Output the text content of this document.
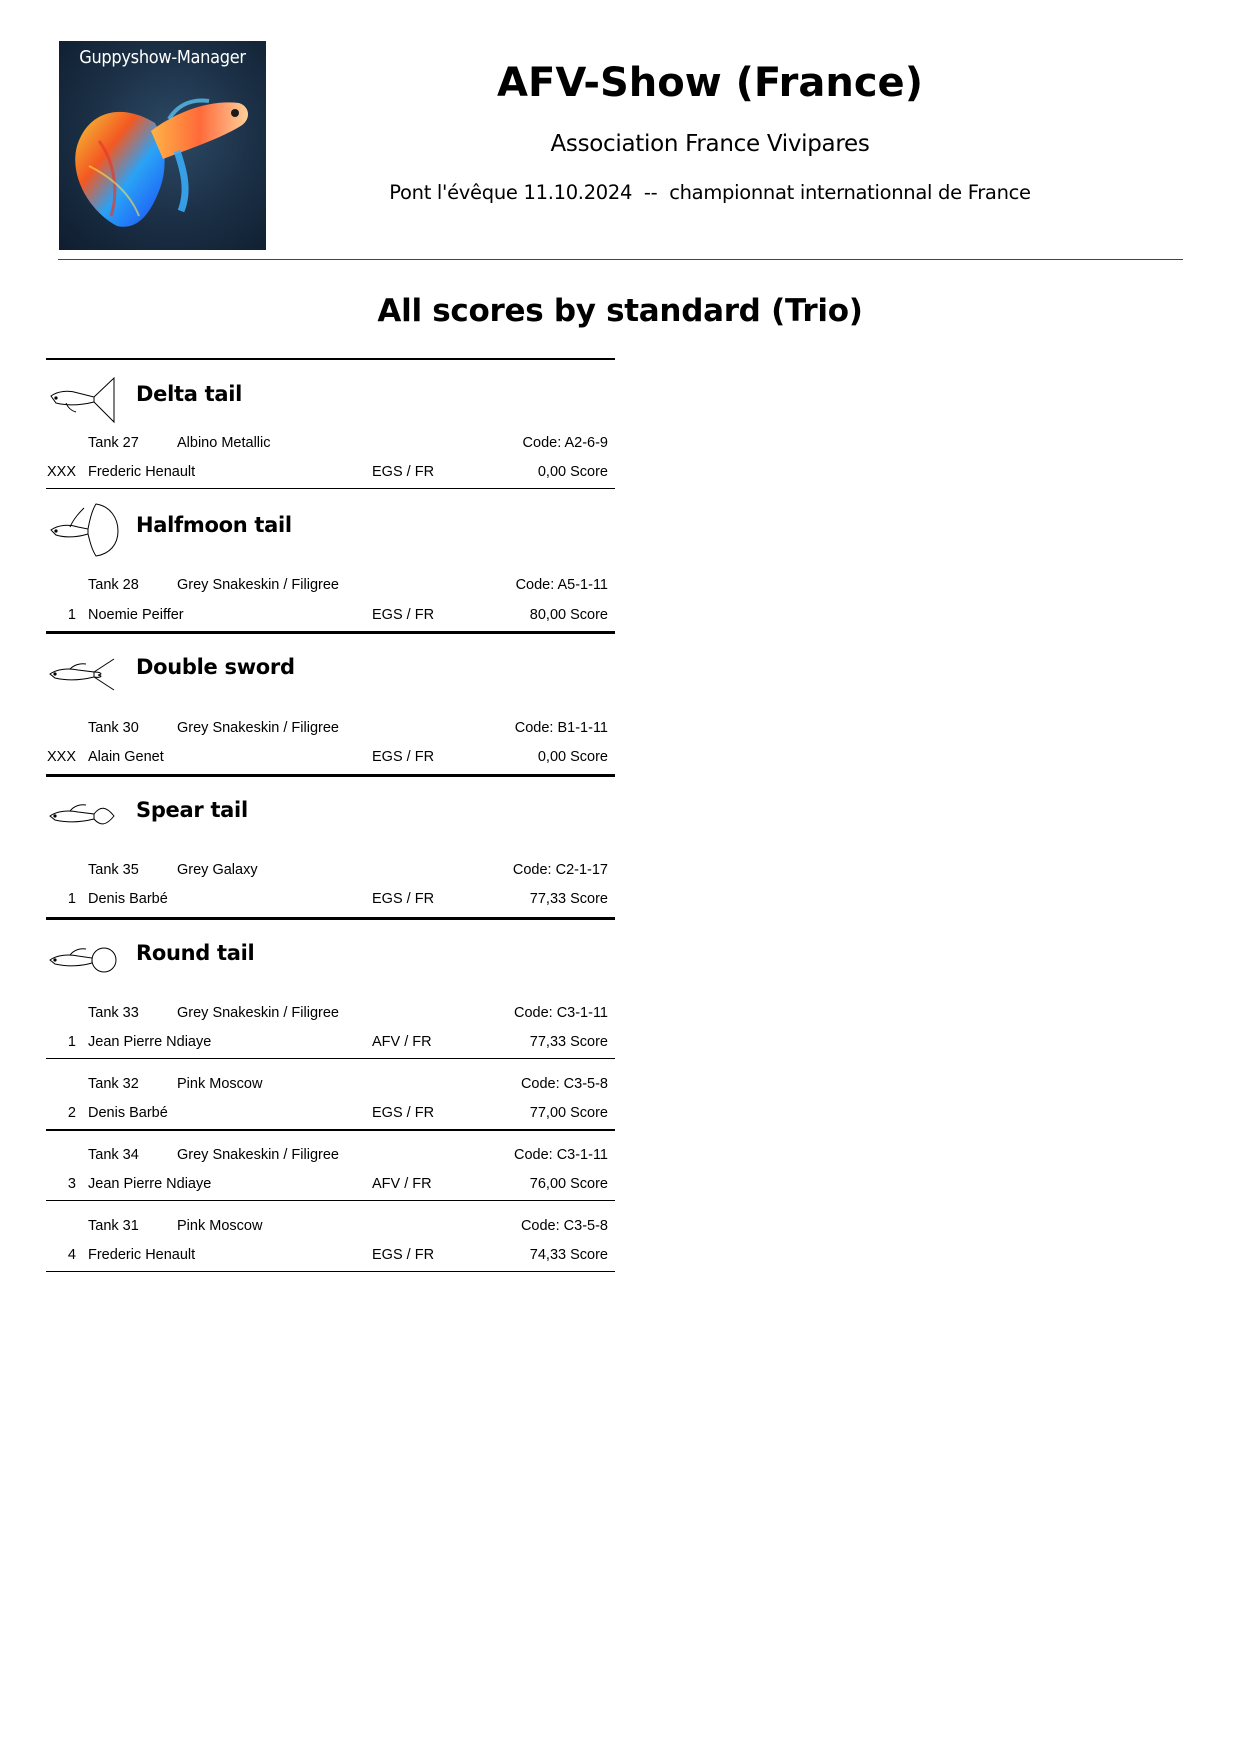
Guppyshow-Manager
AFV-Show (France)
Association France Vivipares
Pont l'évêque 11.10.2024  --  championnat internationnal de France
All scores by standard (Trio)
Delta tail
Tank 27	Albino Metallic	Code: A2-6-9
XXX Frederic Henault	EGS / FR	0,00 Score
Halfmoon tail
Tank 28	Grey Snakeskin / Filigree	Code: A5-1-11
1 Noemie Peiffer	EGS / FR	80,00 Score
Double sword
Tank 30	Grey Snakeskin / Filigree	Code: B1-1-11
XXX Alain Genet	EGS / FR	0,00 Score
Spear tail
Tank 35	Grey Galaxy	Code: C2-1-17
1 Denis Barbé	EGS / FR	77,33 Score
Round tail
Tank 33	Grey Snakeskin / Filigree	Code: C3-1-11
1 Jean Pierre Ndiaye	AFV / FR	77,33 Score
Tank 32	Pink Moscow	Code: C3-5-8
2 Denis Barbé	EGS / FR	77,00 Score
Tank 34	Grey Snakeskin / Filigree	Code: C3-1-11
3 Jean Pierre Ndiaye	AFV / FR	76,00 Score
Tank 31	Pink Moscow	Code: C3-5-8
4 Frederic Henault	EGS / FR	74,33 Score
